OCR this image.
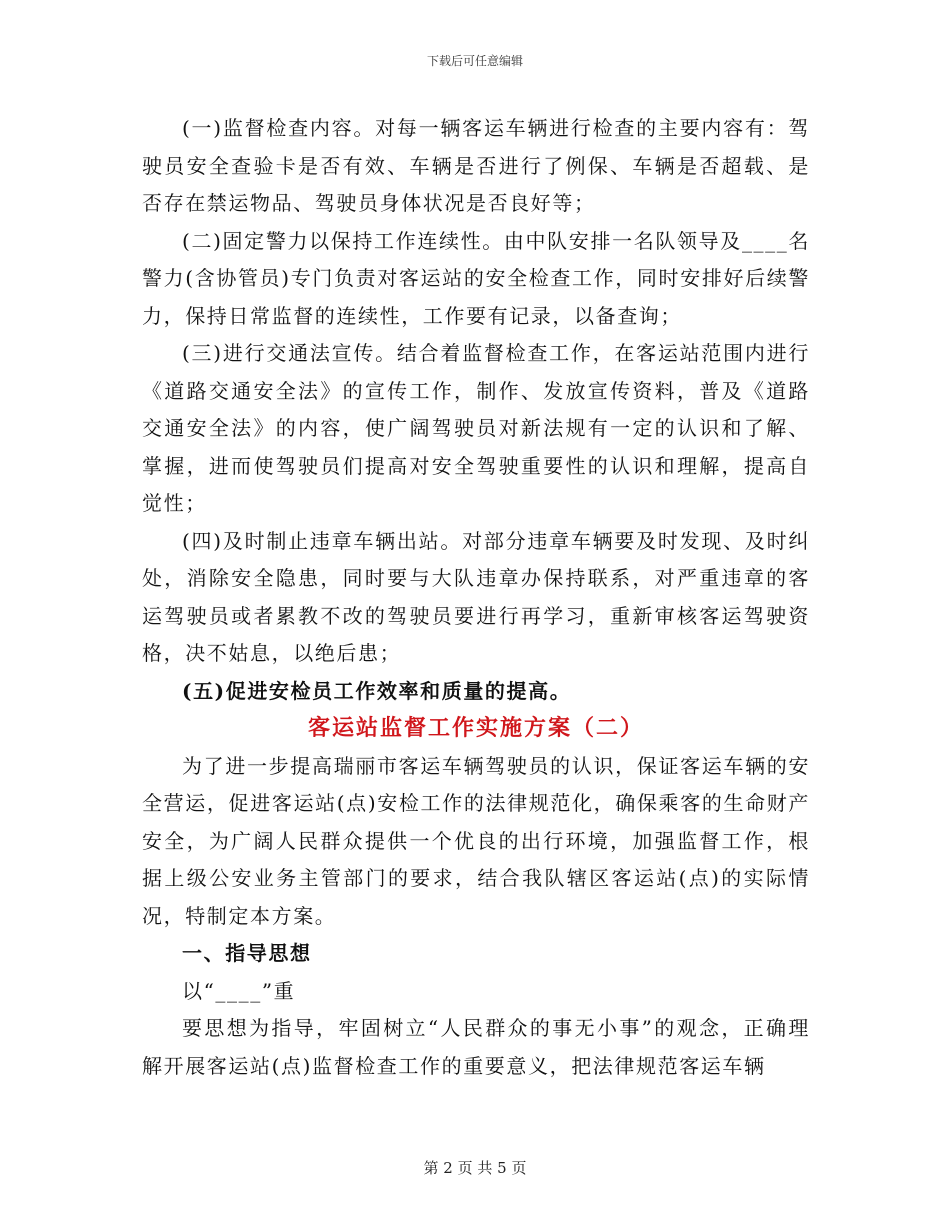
下载后可任意编辑

(一)监督检查内容。对每一辆客运车辆进行检查的主要内容有：驾驶员安全查验卡是否有效、车辆是否进行了例保、车辆是否超载、是否存在禁运物品、驾驶员身体状况是否良好等；

(二)固定警力以保持工作连续性。由中队安排一名队领导及____名警力(含协管员)专门负责对客运站的安全检查工作，同时安排好后续警力，保持日常监督的连续性，工作要有记录，以备查询；

(三)进行交通法宣传。结合着监督检查工作，在客运站范围内进行《道路交通安全法》的宣传工作，制作、发放宣传资料，普及《道路交通安全法》的内容，使广阔驾驶员对新法规有一定的认识和了解、掌握，进而使驾驶员们提高对安全驾驶重要性的认识和理解，提高自觉性；

(四)及时制止违章车辆出站。对部分违章车辆要及时发现、及时纠处，消除安全隐患，同时要与大队违章办保持联系，对严重违章的客运驾驶员或者累教不改的驾驶员要进行再学习，重新审核客运驾驶资格，决不姑息，以绝后患；

(五)促进安检员工作效率和质量的提高。

客运站监督工作实施方案（二）

为了进一步提高瑞丽市客运车辆驾驶员的认识，保证客运车辆的安全营运，促进客运站(点)安检工作的法律规范化，确保乘客的生命财产安全，为广阔人民群众提供一个优良的出行环境，加强监督工作，根据上级公安业务主管部门的要求，结合我队辖区客运站(点)的实际情况，特制定本方案。

一、指导思想

以“____”重

要思想为指导，牢固树立“人民群众的事无小事”的观念，正确理解开展客运站(点)监督检查工作的重要意义，把法律规范客运车辆

第 2 页 共 5 页
